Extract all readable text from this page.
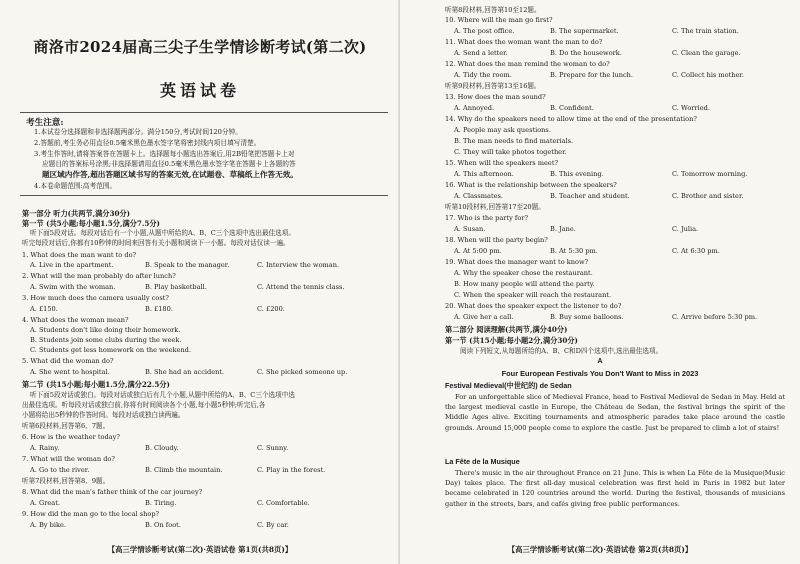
商洛市2024届高三尖子生学情诊断考试(第二次)
英语试卷
考生注意:
1.本试卷分选择题和非选择题两部分。满分150分,考试时间120分钟。
2.答题前,考生务必用直径0.5毫米黑色墨水签字笔将密封线内项目填写清楚。
3.考生作答时,请将答案答在答题卡上。选择题每小题选出答案后,用2B铅笔把答题卡上对
应题目的答案标号涂黑;非选择题请用直径0.5毫米黑色墨水签字笔在答题卡上各题的答
题区域内作答,超出答题区域书写的答案无效,在试题卷、草稿纸上作答无效。
4.本卷命题范围:高考范围。
第一部分 听力(共两节,满分30分)
第一节 (共5小题;每小题1.5分,满分7.5分)
听下面5段对话。每段对话后有一个小题,从题中所给的A、B、C三个选项中选出最佳选项。
听完每段对话后,你都有10秒钟的时间来回答有关小题和阅读下一小题。每段对话仅读一遍。
1. What does the man want to do?
A. Live in the apartment.	B. Speak to the manager.	C. Interview the woman.
2. What will the man probably do after lunch?
A. Swim with the woman.	B. Play basketball.	C. Attend the tennis class.
3. How much does the camera usually cost?
A. £150.	B. £180.	C. £200.
4. What does the woman mean?
A. Students don't like doing their homework.
B. Students join some clubs during the week.
C. Students get less homework on the weekend.
5. What did the woman do?
A. She went to hospital.	B. She had an accident.	C. She picked someone up.
第二节 (共15小题;每小题1.5分,满分22.5分)
听下面5段对话或独白。每段对话或独白后有几个小题,从题中所给的A、B、C三个选项中选
出最佳选项。听每段对话或独白前,你将有时间阅读各个小题,每小题5秒钟;听完后,各
小题将给出5秒钟的作答时间。每段对话或独白读两遍。
听第6段材料,回答第6、7题。
6. How is the weather today?
A. Rainy.	B. Cloudy.	C. Sunny.
7. What will the woman do?
A. Go to the river.	B. Climb the mountain.	C. Play in the forest.
听第7段材料,回答第8、9题。
8. What did the man's father think of the car journey?
A. Great.	B. Tiring.	C. Comfortable.
9. How did the man go to the local shop?
A. By bike.	B. On foot.	C. By car.
【高三学情诊断考试(第二次)·英语试卷 第1页(共8页)】
听第8段材料,回答第10至12题。
10. Where will the man go first?
A. The post office.	B. The supermarket.	C. The train station.
11. What does the woman want the man to do?
A. Send a letter.	B. Do the housework.	C. Clean the garage.
12. What does the man remind the woman to do?
A. Tidy the room.	B. Prepare for the lunch.	C. Collect his mother.
听第9段材料,回答第13至16题。
13. How does the man sound?
A. Annoyed.	B. Confident.	C. Worried.
14. Why do the speakers need to allow time at the end of the presentation?
A. People may ask questions.
B. The man needs to find materials.
C. They will take photos together.
15. When will the speakers meet?
A. This afternoon.	B. This evening.	C. Tomorrow morning.
16. What is the relationship between the speakers?
A. Classmates.	B. Teacher and student.	C. Brother and sister.
听第10段材料,回答第17至20题。
17. Who is the party for?
A. Susan.	B. Jane.	C. Julia.
18. When will the party begin?
A. At 5:00 pm.	B. At 5:30 pm.	C. At 6:30 pm.
19. What does the manager want to know?
A. Why the speaker chose the restaurant.
B. How many people will attend the party.
C. When the speaker will reach the restaurant.
20. What does the speaker expect the listener to do?
A. Give her a call.	B. Buy some balloons.	C. Arrive before 5:30 pm.
第二部分 阅读理解(共两节,满分40分)
第一节 (共15小题;每小题2分,满分30分)
阅读下列短文,从每题所给的A、B、C和D四个选项中,选出最佳选项。
A
Four European Festivals You Don't Want to Miss in 2023
Festival Medieval(中世纪的) de Sedan
For an unforgettable slice of Medieval France, head to Festival Medieval de Sedan in May. Held at the largest medieval castle in Europe, the Château de Sedan, the festival brings the spirit of the Middle Ages alive. Exciting tournaments and atmospheric parades take place around the castle grounds. Around 15,000 people come to explore the castle. Just be prepared to climb a lot of stairs!
La Fête de la Musique
There's music in the air throughout France on 21 June. This is when La Fête de la Musique(Music Day) takes place. The first all-day musical celebration was first held in Paris in 1982 but later became celebrated in 120 countries around the world. During the festival, thousands of musicians gather in the streets, bars, and cafés giving free public performances.
【高三学情诊断考试(第二次)·英语试卷 第2页(共8页)】
